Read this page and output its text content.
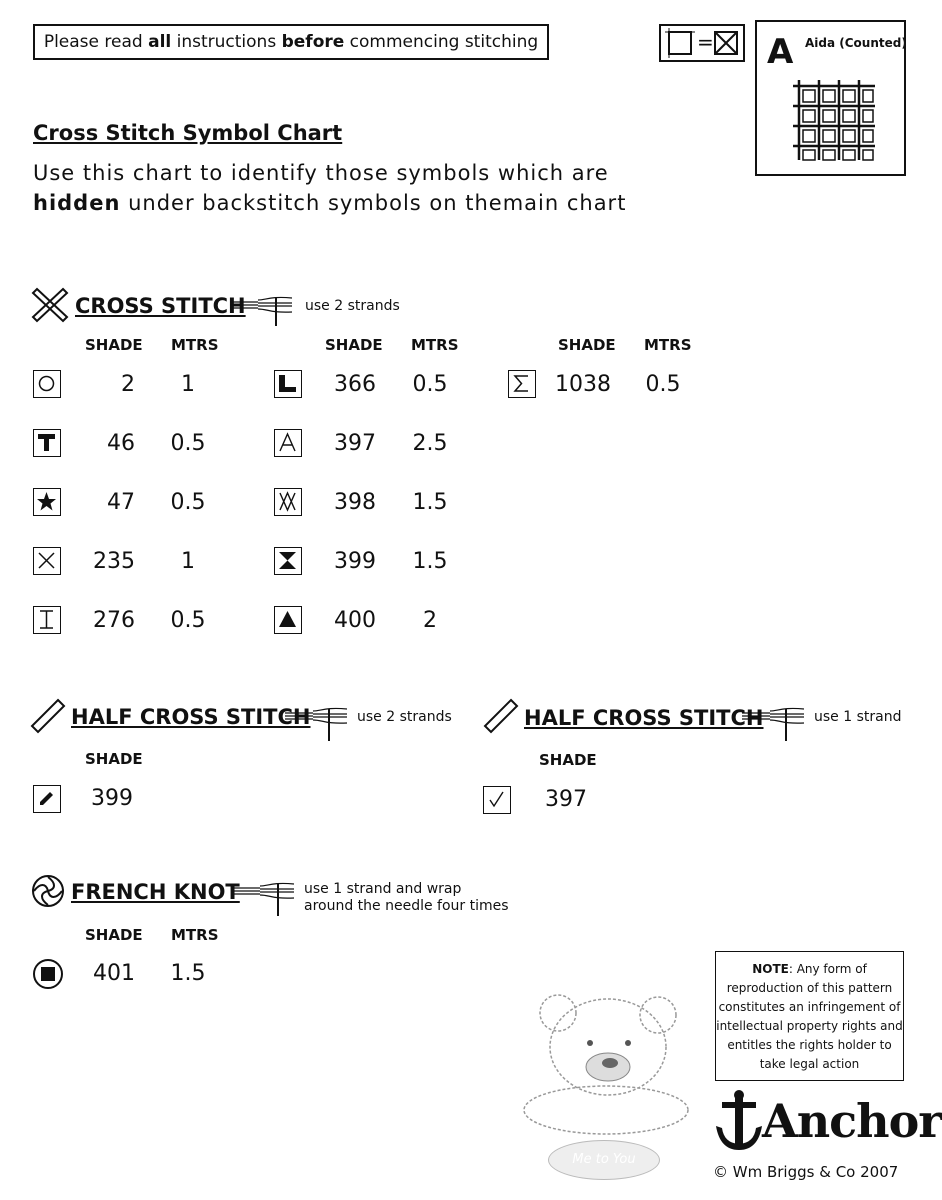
Please read all instructions before commencing stitching	= A Aida (Counted)
Cross Stitch Symbol Chart
Use this chart to identify those symbols which are
hidden under backstitch symbols on themain chart
CROSS STITCH	use 2 strands
SHADE MTRS	SHADE MTRS	SHADE MTRS
2	1
46	0.5
47	0.5
235	1
276	0.5
366	0.5
397	2.5
398	1.5
399	1.5
400	2
1038	0.5
HALF CROSS STITCH	use 2 strands
SHADE
399
HALF CROSS STITCH	use 1 strand
SHADE
397
FRENCH KNOT	use 1 strand and wrap
around the needle four times
SHADE MTRS
401	1.5
Me to You
NOTE: Any form of reproduction of this pattern constitutes an infringement of intellectual property rights and entitles the rights holder to take legal action
Anchor
© Wm Briggs & Co 2007
